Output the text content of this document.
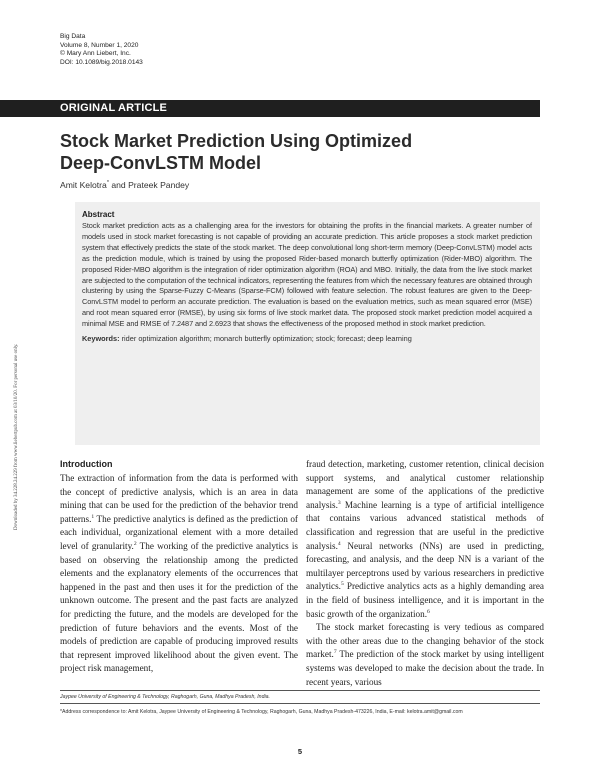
Big Data
Volume 8, Number 1, 2020
© Mary Ann Liebert, Inc.
DOI: 10.1089/big.2018.0143
ORIGINAL ARTICLE
Stock Market Prediction Using Optimized
Deep-ConvLSTM Model
Amit Kelotra* and Prateek Pandey
Abstract

Stock market prediction acts as a challenging area for the investors for obtaining the profits in the financial markets. A greater number of models used in stock market forecasting is not capable of providing an accurate prediction. This article proposes a stock market prediction system that effectively predicts the state of the stock market. The deep convolutional long short-term memory (Deep-ConvLSTM) model acts as the prediction module, which is trained by using the proposed Rider-based monarch butterfly optimization (Rider-MBO) algorithm. The proposed Rider-MBO algorithm is the integration of rider optimization algorithm (ROA) and MBO. Initially, the data from the live stock market are subjected to the computation of the technical indicators, representing the features from which the necessary features are obtained through clustering by using the Sparse-Fuzzy C-Means (Sparse-FCM) followed with feature selection. The robust features are given to the Deep-ConvLSTM model to perform an accurate prediction. The evaluation is based on the evaluation metrics, such as mean squared error (MSE) and root mean squared error (RMSE), by using six forms of live stock market data. The proposed stock market prediction model acquired a minimal MSE and RMSE of 7.2487 and 2.6923 that shows the effectiveness of the proposed method in stock market prediction.

Keywords: rider optimization algorithm; monarch butterfly optimization; stock; forecast; deep learning
Downloaded by 34.228.24.229 from www.liebertpub.com at 03/10/20. For personal use only.	Introduction

The extraction of information from the data is performed with the concept of predictive analysis, which is an area in data mining that can be used for the prediction of the behavior trend patterns.$^1$ The predictive analytics is defined as the prediction of each individual, organizational element with a more detailed level of granularity.$^2$ The working of the predictive analytics is based on observing the relationship among the predicted elements and the explanatory elements of the occurrences that happened in the past and then uses it for the prediction of the unknown outcome. The present and the past facts are analyzed for predicting the future, and the models are developed for the prediction of future behaviors and the events. Most of the models of prediction are capable of producing improved results that represent improved likelihood about the given event. The project risk management,

fraud detection, marketing, customer retention, clinical decision support systems, and analytical customer relationship management are some of the applications of the predictive analysis.$^3$ Machine learning is a type of artificial intelligence that contains various advanced statistical methods of classification and regression that are useful in the predictive analysis.$^4$ Neural networks (NNs) are used in predicting, forecasting, and analysis, and the deep NN is a variant of the multilayer perceptrons used by various researchers in predictive analytics.$^5$ Predictive analytics acts as a highly demanding area in the field of business intelligence, and it is important in the basic growth of the organization.$^6$

The stock market forecasting is very tedious as compared with the other areas due to the changing behavior of the stock market.$^7$ The prediction of the stock market by using intelligent systems was developed to make the decision about the trade. In recent years, various

Jaypee University of Engineering & Technology, Raghogarh, Guna, Madhya Pradesh, India.
*Address correspondence to: Amit Kelotra, Jaypee University of Engineering & Technology, Raghogarh, Guna, Madhya Pradesh-473226, India, E-mail: kelotra.amit@gmail.com
5
